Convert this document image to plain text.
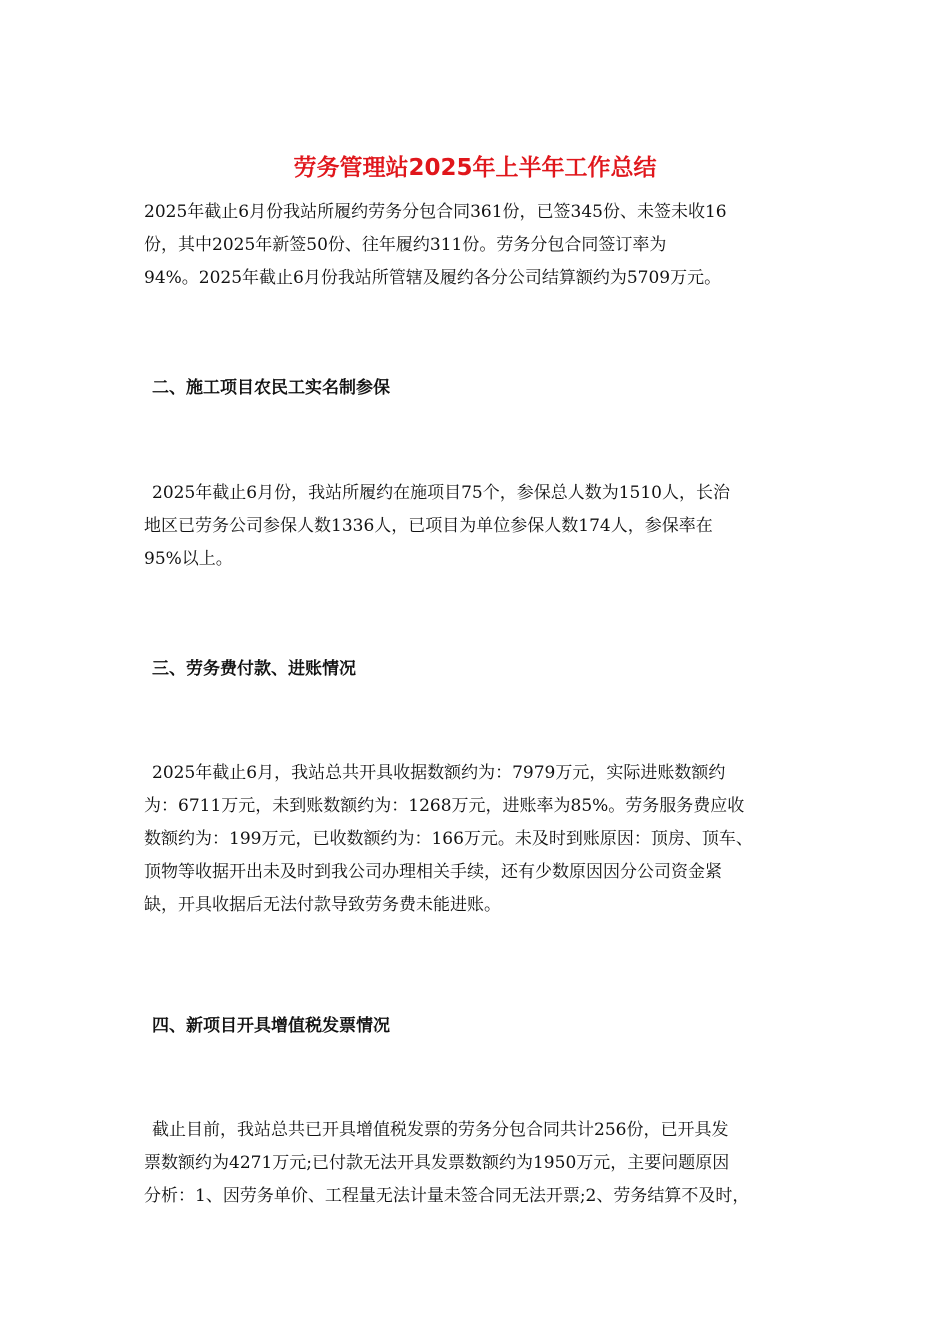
劳务管理站2025年上半年工作总结

2025年截止6月份我站所履约劳务分包合同361份，已签345份、未签未收16
份，其中2025年新签50份、往年履约311份。劳务分包合同签订率为
94%。2025年截止6月份我站所管辖及履约各分公司结算额约为5709万元。

二、施工项目农民工实名制参保

2025年截止6月份，我站所履约在施项目75个，参保总人数为1510人，长治
地区已劳务公司参保人数1336人，已项目为单位参保人数174人，参保率在
95%以上。

三、劳务费付款、进账情况

2025年截止6月，我站总共开具收据数额约为：7979万元，实际进账数额约
为：6711万元，未到账数额约为：1268万元，进账率为85%。劳务服务费应收
数额约为：199万元，已收数额约为：166万元。未及时到账原因：顶房、顶车、
顶物等收据开出未及时到我公司办理相关手续，还有少数原因因分公司资金紧
缺，开具收据后无法付款导致劳务费未能进账。

四、新项目开具增值税发票情况

截止目前，我站总共已开具增值税发票的劳务分包合同共计256份，已开具发
票数额约为4271万元;已付款无法开具发票数额约为1950万元，主要问题原因
分析：1、因劳务单价、工程量无法计量未签合同无法开票;2、劳务结算不及时，
